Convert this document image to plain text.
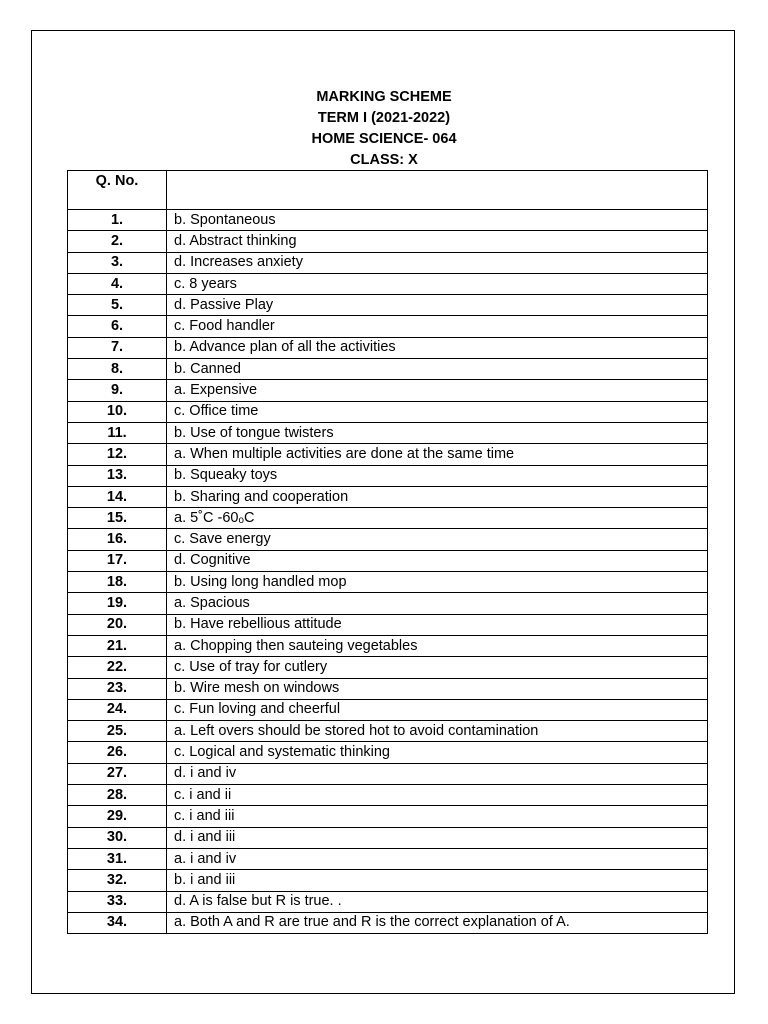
MARKING SCHEME
TERM I (2021-2022)
HOME SCIENCE- 064
CLASS: X
Q. No.	
1.	b. Spontaneous
2.	d. Abstract thinking
3.	d. Increases anxiety
4.	c. 8 years
5.	d. Passive Play
6.	c. Food handler
7.	b. Advance plan of all the activities
8.	b. Canned
9.	a. Expensive
10.	c. Office time
11.	b. Use of tongue twisters
12.	a. When multiple activities are done at the same time
13.	b. Squeaky toys
14.	b. Sharing and cooperation
15.	a. 5˚C -60ₒC
16.	c. Save energy
17.	d. Cognitive
18.	b. Using long handled mop
19.	a. Spacious
20.	b. Have rebellious attitude
21.	a. Chopping then sauteing vegetables
22.	c. Use of tray for cutlery
23.	b. Wire mesh on windows
24.	c. Fun loving and cheerful
25.	a. Left overs should be stored hot to avoid contamination
26.	c. Logical and systematic thinking
27.	d. i and iv
28.	c. i and ii
29.	c. i and iii
30.	d. i and iii
31.	a. i and iv
32.	b. i and iii
33.	d. A is false but R is true. .
34.	a. Both A and R are true and R is the correct explanation of A.
